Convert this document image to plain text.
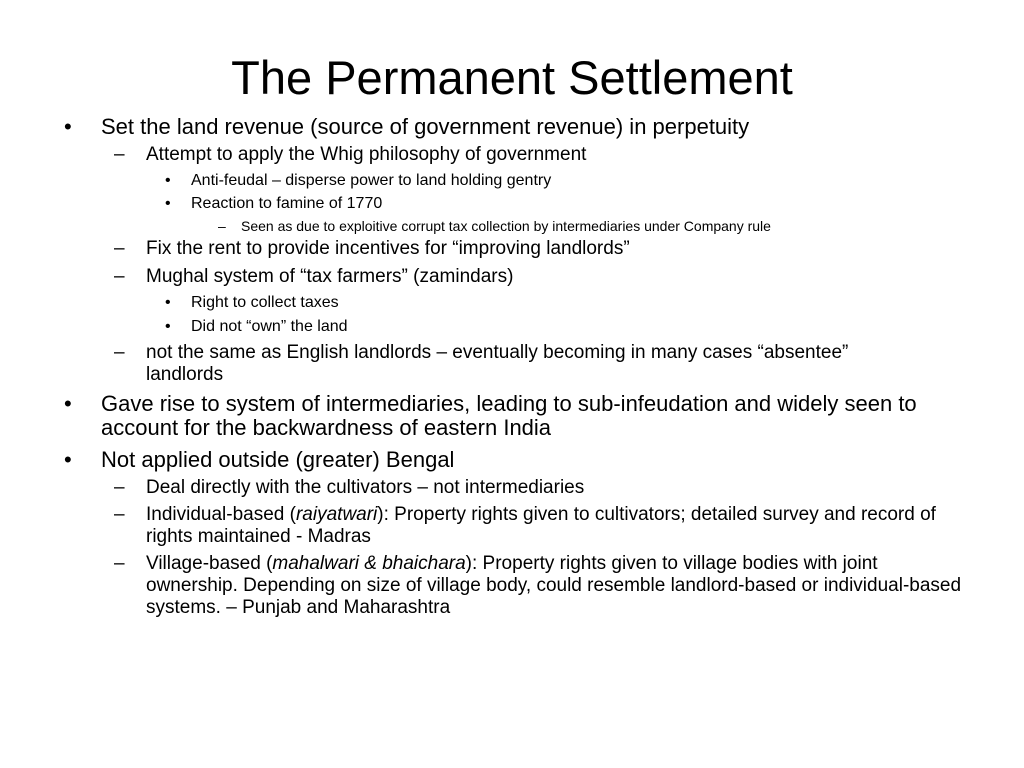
The Permanent Settlement
• Set the land revenue (source of government revenue) in perpetuity

– Attempt to apply the Whig philosophy of government

• Anti-feudal – disperse power to land holding gentry

• Reaction to famine of 1770

– Seen as due to exploitive corrupt tax collection by intermediaries under Company rule

– Fix the rent to provide incentives for “improving landlords”

– Mughal system of “tax farmers” (zamindars)

• Right to collect taxes

• Did not “own” the land

– not the same as English landlords – eventually becoming in many cases “absentee” landlords

• Gave rise to system of intermediaries, leading to sub-infeudation and widely seen to account for the backwardness of eastern India

• Not applied outside (greater) Bengal

– Deal directly with the cultivators – not intermediaries

– Individual-based (raiyatwari): Property rights given to cultivators; detailed survey and record of rights maintained - Madras

– Village-based (mahalwari & bhaichara): Property rights given to village bodies with joint ownership. Depending on size of village body, could resemble landlord-based or individual-based systems. – Punjab and Maharashtra
